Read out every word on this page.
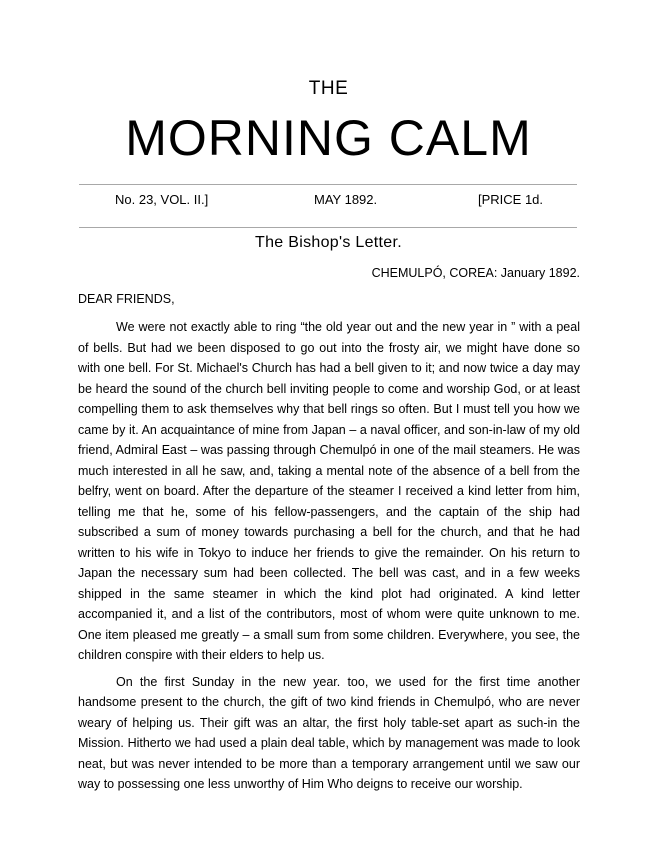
THE
MORNING CALM
No. 23, VOL. II.]	MAY 1892.	[PRICE 1d.
The Bishop's Letter.
CHEMULPÓ, COREA: January 1892.
DEAR FRIENDS,

We were not exactly able to ring “the old year out and the new year in ” with a peal of bells. But had we been disposed to go out into the frosty air, we might have done so with one bell. For St. Michael's Church has had a bell given to it; and now twice a day may be heard the sound of the church bell inviting people to come and worship God, or at least compelling them to ask themselves why that bell rings so often. But I must tell you how we came by it. An acquaintance of mine from Japan – a naval officer, and son-in-law of my old friend, Admiral East – was passing through Chemulpó in one of the mail steamers. He was much interested in all he saw, and, taking a mental note of the absence of a bell from the belfry, went on board. After the departure of the steamer I received a kind letter from him, telling me that he, some of his fellow-passengers, and the captain of the ship had subscribed a sum of money towards purchasing a bell for the church, and that he had written to his wife in Tokyo to induce her friends to give the remainder. On his return to Japan the necessary sum had been collected. The bell was cast, and in a few weeks shipped in the same steamer in which the kind plot had originated. A kind letter accompanied it, and a list of the contributors, most of whom were quite unknown to me. One item pleased me greatly – a small sum from some children. Everywhere, you see, the children conspire with their elders to help us.

On the first Sunday in the new year. too, we used for the first time another handsome present to the church, the gift of two kind friends in Chemulpó, who are never weary of helping us. Their gift was an altar, the first holy table-set apart as such-in the Mission. Hitherto we had used a plain deal table, which by management was made to look neat, but was never intended to be more than a temporary arrangement until we saw our way to possessing one less unworthy of Him Who deigns to receive our worship.
